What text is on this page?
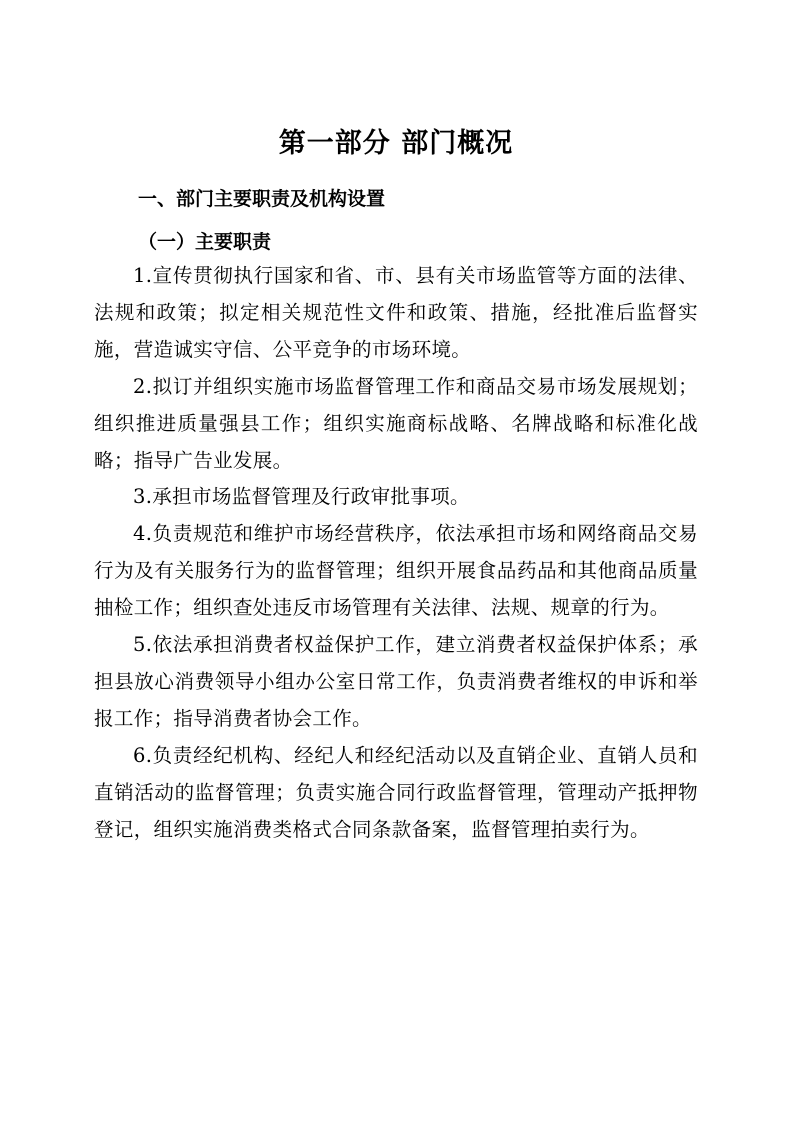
第一部分 部门概况
一、部门主要职责及机构设置
（一）主要职责

1.宣传贯彻执行国家和省、市、县有关市场监管等方面的法律、法规和政策；拟定相关规范性文件和政策、措施，经批准后监督实施，营造诚实守信、公平竞争的市场环境。

2.拟订并组织实施市场监督管理工作和商品交易市场发展规划；组织推进质量强县工作；组织实施商标战略、名牌战略和标准化战略；指导广告业发展。

3.承担市场监督管理及行政审批事项。

4.负责规范和维护市场经营秩序，依法承担市场和网络商品交易行为及有关服务行为的监督管理；组织开展食品药品和其他商品质量抽检工作；组织查处违反市场管理有关法律、法规、规章的行为。

5.依法承担消费者权益保护工作，建立消费者权益保护体系；承担县放心消费领导小组办公室日常工作，负责消费者维权的申诉和举报工作；指导消费者协会工作。

6.负责经纪机构、经纪人和经纪活动以及直销企业、直销人员和直销活动的监督管理；负责实施合同行政监督管理，管理动产抵押物登记，组织实施消费类格式合同条款备案，监督管理拍卖行为。
